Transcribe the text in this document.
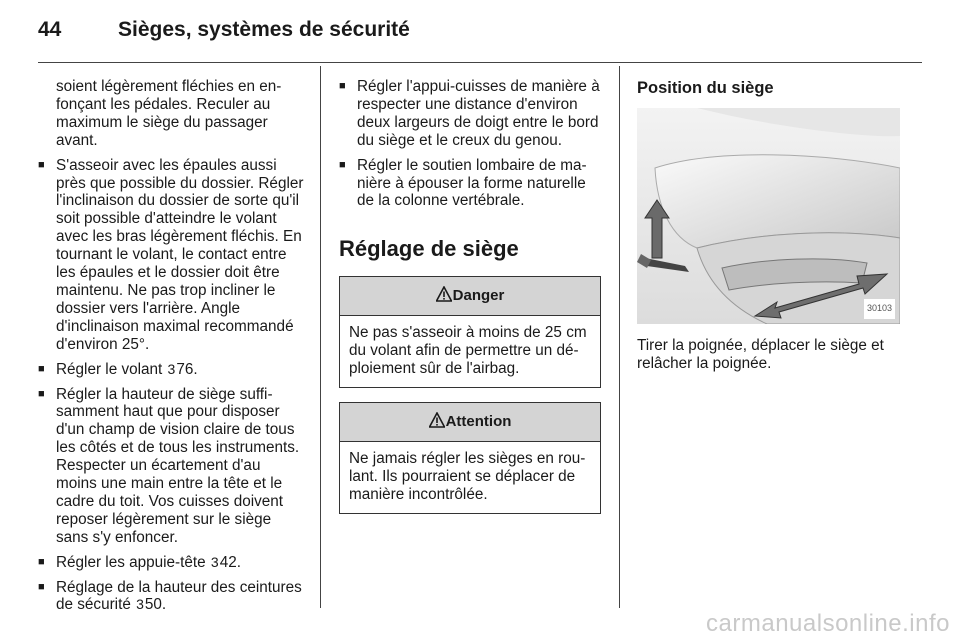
44	Sièges, systèmes de sécurité

soient légèrement fléchies en enfonçant les pédales. Reculer au maximum le siège du passager avant.

■ S'asseoir avec les épaules aussi près que possible du dossier. Régler l'inclinaison du dossier de sorte qu'il soit possible d'atteindre le volant avec les bras légèrement fléchis. En tournant le volant, le contact entre les épaules et le dossier doit être maintenu. Ne pas trop incliner le dossier vers l'arrière. Angle d'inclinaison maximal recommandé d'environ 25°.
■ Régler le volant 376.
■ Régler la hauteur de siège suffisamment haut que pour disposer d'un champ de vision claire de tous les côtés et de tous les instruments. Respecter un écartement d'au moins une main entre la tête et le cadre du toit. Vos cuisses doivent reposer légèrement sur le siège sans s'y enfoncer.
■ Régler les appuie-tête 342.
■ Réglage de la hauteur des ceintures de sécurité 350.
■ Régler l'appui-cuisses de manière à respecter une distance d'environ deux largeurs de doigt entre le bord du siège et le creux du genou.
■ Régler le soutien lombaire de manière à épouser la forme naturelle de la colonne vertébrale.
Réglage de siège
Danger
Ne pas s'asseoir à moins de 25 cm du volant afin de permettre un déploiement sûr de l'airbag.
Attention
Ne jamais régler les sièges en roulant. Ils pourraient se déplacer de manière incontrôlée.
Position du siège
30103

Tirer la poignée, déplacer le siège et relâcher la poignée.

carmanualsonline.info
